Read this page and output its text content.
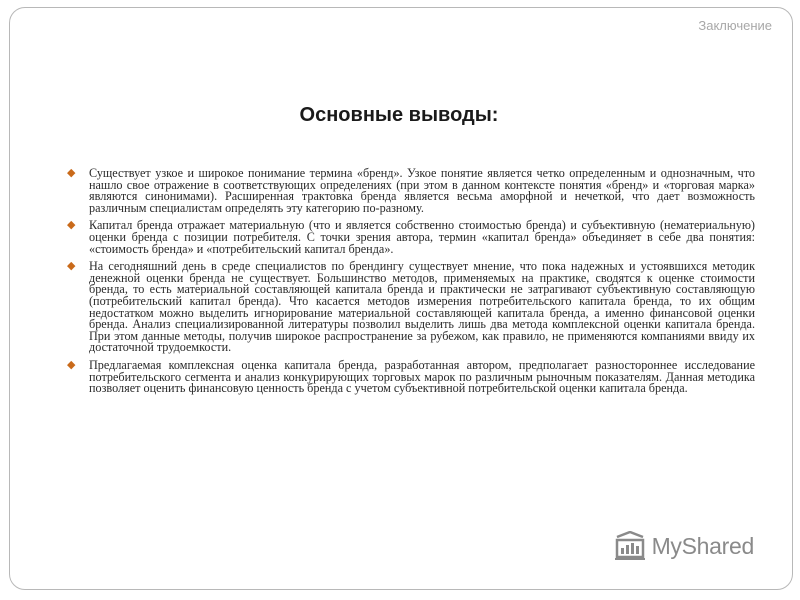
Заключение
Основные выводы:
◆ Существует узкое и широкое понимание термина «бренд». Узкое понятие является четко определенным и однозначным, что нашло свое отражение в соответствующих определениях (при этом в данном контексте понятия «бренд» и «торговая марка» являются синонимами). Расширенная трактовка бренда является весьма аморфной и нечеткой, что дает возможность различным специалистам определять эту категорию по-разному.
◆ Капитал бренда отражает материальную (что и является собственно стоимостью бренда) и субъективную (нематериальную) оценки бренда с позиции потребителя. С точки зрения автора, термин «капитал бренда» объединяет в себе два понятия: «стоимость бренда» и «потребительский капитал бренда».
◆ На сегодняшний день в среде специалистов по брендингу существует мнение, что пока надежных и устоявшихся методик денежной оценки бренда не существует. Большинство методов, применяемых на практике, сводятся к оценке стоимости бренда, то есть материальной составляющей капитала бренда и практически не затрагивают субъективную составляющую (потребительский капитал бренда). Что касается методов измерения потребительского капитала бренда, то их общим недостатком можно выделить игнорирование материальной составляющей капитала бренда, а именно финансовой оценки бренда. Анализ специализированной литературы позволил выделить лишь два метода комплексной оценки капитала бренда. При этом данные методы, получив широкое распространение за рубежом, как правило, не применяются компаниями ввиду их достаточной трудоемкости.
◆ Предлагаемая комплексная оценка капитала бренда, разработанная автором, предполагает разностороннее исследование потребительского сегмента и анализ конкурирующих торговых марок по различным рыночным показателям. Данная методика позволяет оценить финансовую ценность бренда с учетом субъективной потребительской оценки капитала бренда.
MyShared
